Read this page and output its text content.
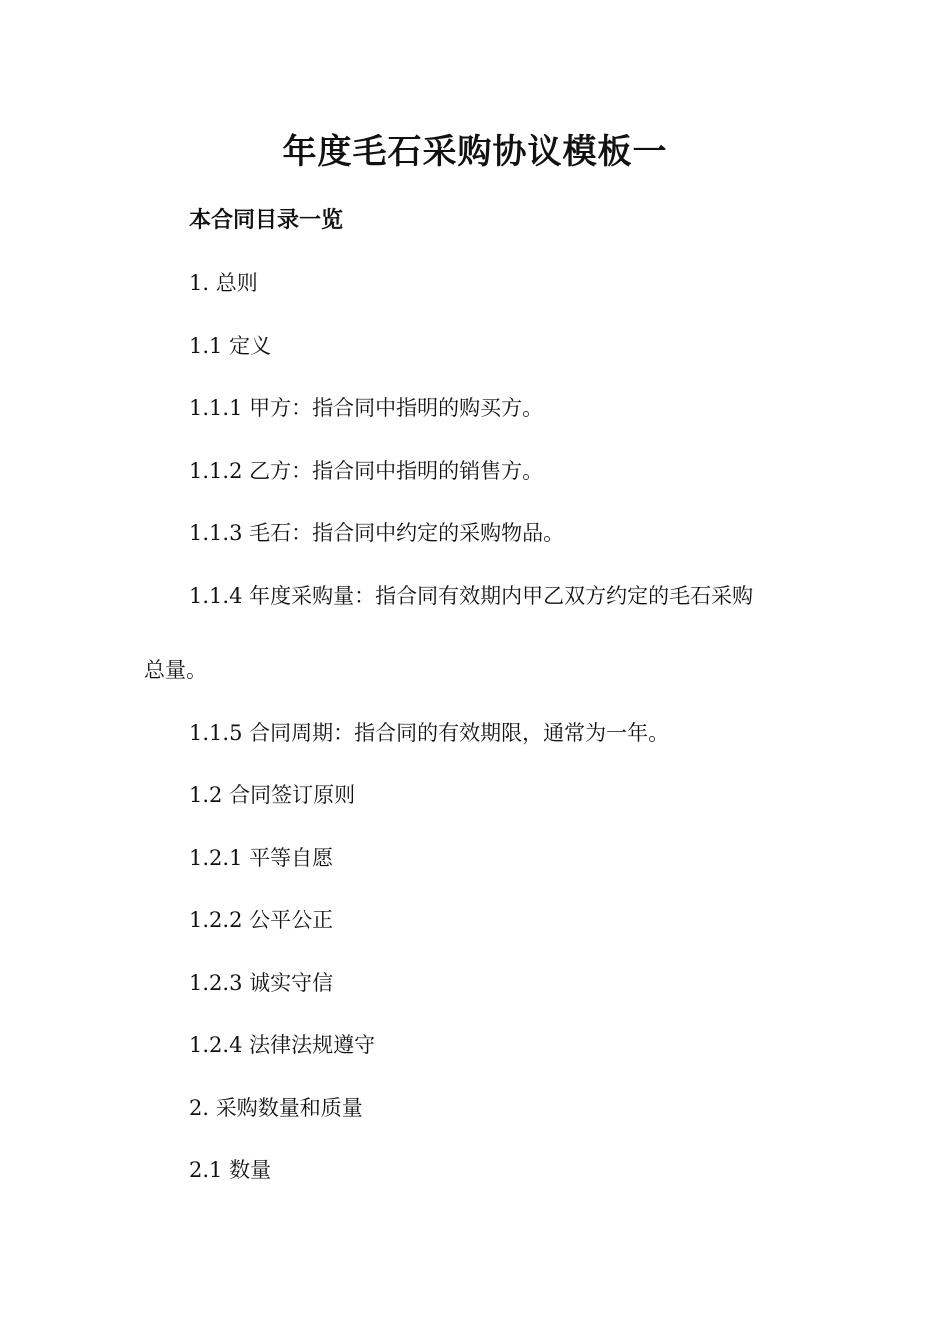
年度毛石采购协议模板一
本合同目录一览
1. 总则
1.1 定义
1.1.1 甲方：指合同中指明的购买方。
1.1.2 乙方：指合同中指明的销售方。
1.1.3 毛石：指合同中约定的采购物品。
1.1.4 年度采购量：指合同有效期内甲乙双方约定的毛石采购
总量。
1.1.5 合同周期：指合同的有效期限，通常为一年。
1.2 合同签订原则
1.2.1 平等自愿
1.2.2 公平公正
1.2.3 诚实守信
1.2.4 法律法规遵守
2. 采购数量和质量
2.1 数量
